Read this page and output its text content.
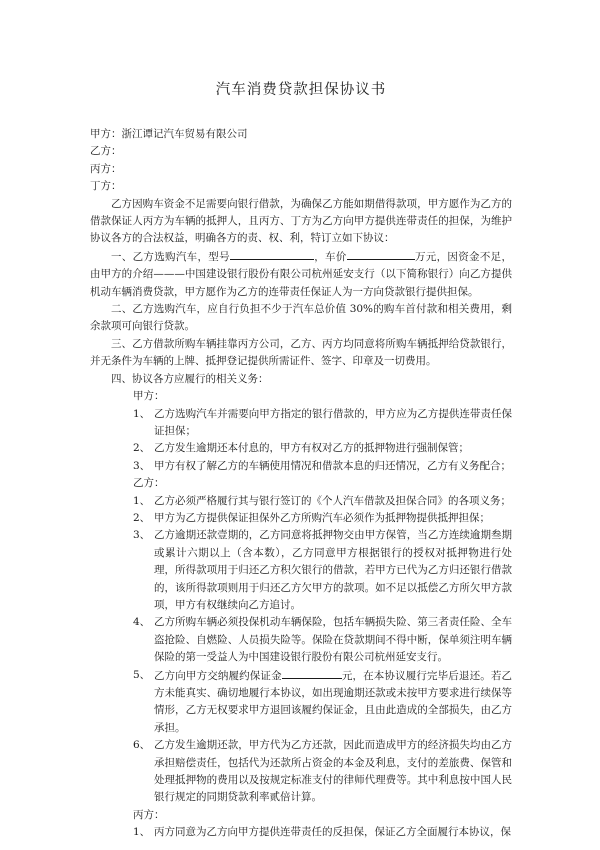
汽车消费贷款担保协议书
甲方： 浙江谭记汽车贸易有限公司
乙方：
丙方：
丁方：

乙方因购车资金不足需要向银行借款，为确保乙方能如期借得款项，甲方愿作为乙方的借款保证人丙方为车辆的抵押人，且丙方、丁方为乙方向甲方提供连带责任的担保，为维护协议各方的合法权益，明确各方的责、权、利，特订立如下协议：

一、乙方选购汽车，型号	，车价	万元，因资金不足，由甲方的介绍———中国建设银行股份有限公司杭州延安支行（以下简称银行）向乙方提供机动车辆消费贷款，甲方愿作为乙方的连带责任保证人为一方向贷款银行提供担保。

二、乙方选购汽车，应自行负担不少于汽车总价值 30%的购车首付款和相关费用，剩余款项可向银行贷款。

三、乙方借款所购车辆挂靠丙方公司，乙方、丙方均同意将所购车辆抵押给贷款银行，并无条件为车辆的上牌、抵押登记提供所需证件、签字、印章及一切费用。

四、协议各方应履行的相关义务：

甲方：
1、 乙方选购汽车并需要向甲方指定的银行借款的，甲方应为乙方提供连带责任保证担保；
2、 乙方发生逾期还本付息的，甲方有权对乙方的抵押物进行强制保管；
3、 甲方有权了解乙方的车辆使用情况和借款本息的归还情况，乙方有义务配合；
乙方：
1、 乙方必须严格履行其与银行签订的《个人汽车借款及担保合同》的各项义务；
2、 甲方为乙方提供保证担保外乙方所购汽车必须作为抵押物提供抵押担保；
3、 乙方逾期还款壹期的，乙方同意将抵押物交由甲方保管，当乙方连续逾期叁期或累计六期以上（含本数），乙方同意甲方根据银行的授权对抵押物进行处理，所得款项用于归还乙方积欠银行的借款，若甲方已代为乙方归还银行借款的，该所得款项则用于归还乙方欠甲方的款项。如不足以抵偿乙方所欠甲方款项，甲方有权继续向乙方追讨。
4、 乙方所购车辆必须投保机动车辆保险，包括车辆损失险、第三者责任险、全车盗抢险、自燃险、人员损失险等。保险在贷款期间不得中断，保单须注明车辆保险的第一受益人为中国建设银行股份有限公司杭州延安支行。
5、 乙方向甲方交纳履约保证金	元，在本协议履行完毕后退还。若乙方未能真实、确切地履行本协议，如出现逾期还款或未按甲方要求进行续保等情形，乙方无权要求甲方退回该履约保证金，且由此造成的全部损失，由乙方承担。
6、 乙方发生逾期还款，甲方代为乙方还款，因此而造成甲方的经济损失均由乙方承担赔偿责任，包括代为还款所占资金的本金及利息，支付的差旅费、保管和处理抵押物的费用以及按规定标准支付的律师代理费等。其中利息按中国人民银行规定的同期贷款利率贰倍计算。
丙方：
1、 丙方同意为乙方向甲方提供连带责任的反担保，保证乙方全面履行本协议，保
